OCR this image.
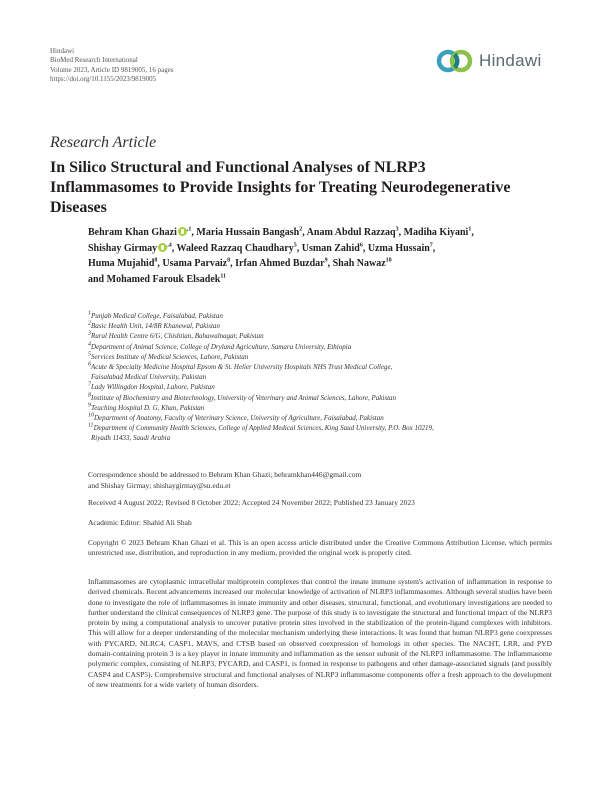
Hindawi
BioMed Research International
Volume 2023, Article ID 9819005, 16 pages
https://doi.org/10.1155/2023/9819005
Hindawi
Research Article
In Silico Structural and Functional Analyses of NLRP3 Inflammasomes to Provide Insights for Treating Neurodegenerative Diseases
Behram Khan Ghazi $^{,1}$, Maria Hussain Bangash$^2$, Anam Abdul Razzaq$^3$, Madiha Kiyani$^1$,
Shishay Girmay $^{,4}$, Waleed Razzaq Chaudhary$^5$, Usman Zahid$^6$, Uzma Hussain$^7$,
Huma Mujahid$^8$, Usama Parvaiz$^8$, Irfan Ahmed Buzdar$^9$, Shah Nawaz$^{10}$
and Mohamed Farouk Elsadek$^{11}$
$^1$Punjab Medical College, Faisalabad, Pakistan
$^2$Basic Health Unit, 14/8R Khanewal, Pakistan
$^3$Rural Health Centre 6/G, Chishtian, Bahawalnagar, Pakistan
$^4$Department of Animal Science, College of Dryland Agriculture, Samara University, Ethiopia
$^5$Services Institute of Medical Sciences, Lahore, Pakistan
$^6$Acute & Specialty Medicine Hospital Epsom & St. Helier University Hospitals NHS Trust Medical College,
Faisalabad Medical University, Pakistan
$^7$Lady Willingdon Hospital, Lahore, Pakistan
$^8$Institute of Biochemistry and Biotechnology, University of Veterinary and Animal Sciences, Lahore, Pakistan
$^9$Teaching Hospital D. G. Khan, Pakistan
$^{10}$Department of Anatomy, Faculty of Veterinary Science, University of Agriculture, Faisalabad, Pakistan
$^{11}$Department of Community Health Sciences, College of Applied Medical Sciences, King Saud University, P.O. Box 10219,
Riyadh 11433, Saudi Arabia
Correspondence should be addressed to Behram Khan Ghazi; behramkhan446@gmail.com
and Shishay Girmay; shishaygirmay@su.edu.et
Received 4 August 2022; Revised 8 October 2022; Accepted 24 November 2022; Published 23 January 2023
Academic Editor: Shahid Ali Shah
Copyright © 2023 Behram Khan Ghazi et al. This is an open access article distributed under the Creative Commons Attribution License, which permits unrestricted use, distribution, and reproduction in any medium, provided the original work is properly cited.
Inflammasomes are cytoplasmic intracellular multiprotein complexes that control the innate immune system's activation of inflammation in response to derived chemicals. Recent advancements increased our molecular knowledge of activation of NLRP3 inflammasomes. Although several studies have been done to investigate the role of inflammasomes in innate immunity and other diseases, structural, functional, and evolutionary investigations are needed to further understand the clinical consequences of NLRP3 gene. The purpose of this study is to investigate the structural and functional impact of the NLRP3 protein by using a computational analysis to uncover putative protein sites involved in the stabilization of the protein-ligand complexes with inhibitors. This will allow for a deeper understanding of the molecular mechanism underlying these interactions. It was found that human NLRP3 gene coexpresses with PYCARD, NLRC4, CASP1, MAVS, and CTSB based on observed coexpression of homologs in other species. The NACHT, LRR, and PYD domain-containing protein 3 is a key player in innate immunity and inflammation as the sensor subunit of the NLRP3 inflammasome. The inflammasome polymeric complex, consisting of NLRP3, PYCARD, and CASP1, is formed in response to pathogens and other damage-associated signals (and possibly CASP4 and CASP5). Comprehensive structural and functional analyses of NLRP3 inflammasome components offer a fresh approach to the development of new treatments for a wide variety of human disorders.
